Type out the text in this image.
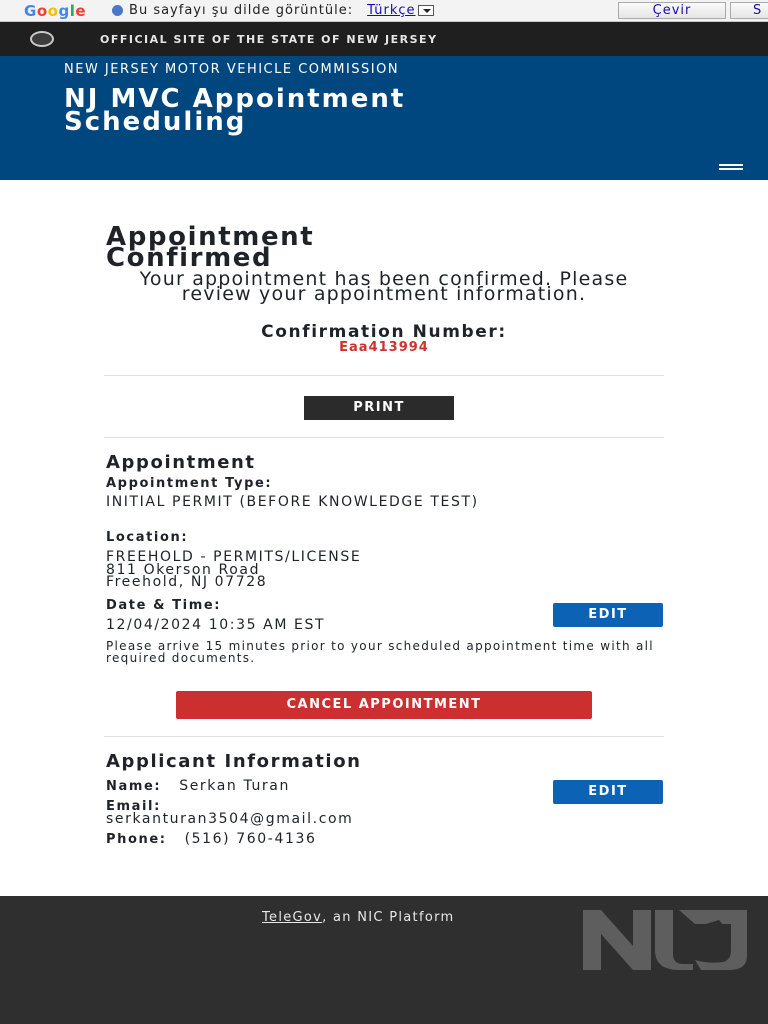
Google	Bu sayfayı şu dilde görüntüle: Türkçe	Çevir	S
OFFICIAL SITE OF THE STATE OF NEW JERSEY
NEW JERSEY MOTOR VEHICLE COMMISSION
NJ MVC Appointment Scheduling
Appointment Confirmed
Your appointment has been confirmed. Please review your appointment information.
Confirmation Number:
Eaa413994
PRINT
Appointment
Appointment Type:
INITIAL PERMIT (BEFORE KNOWLEDGE TEST)
Location:
FREEHOLD - PERMITS/LICENSE
811 Okerson Road
Freehold, NJ 07728
Date & Time:
12/04/2024 10:35 AM EST
EDIT
Please arrive 15 minutes prior to your scheduled appointment time with all required documents.
CANCEL APPOINTMENT
Applicant Information
Name: Serkan Turan	EDIT
Email:
serkanturan3504@gmail.com
Phone: (516) 760-4136
TeleGov, an NIC Platform
